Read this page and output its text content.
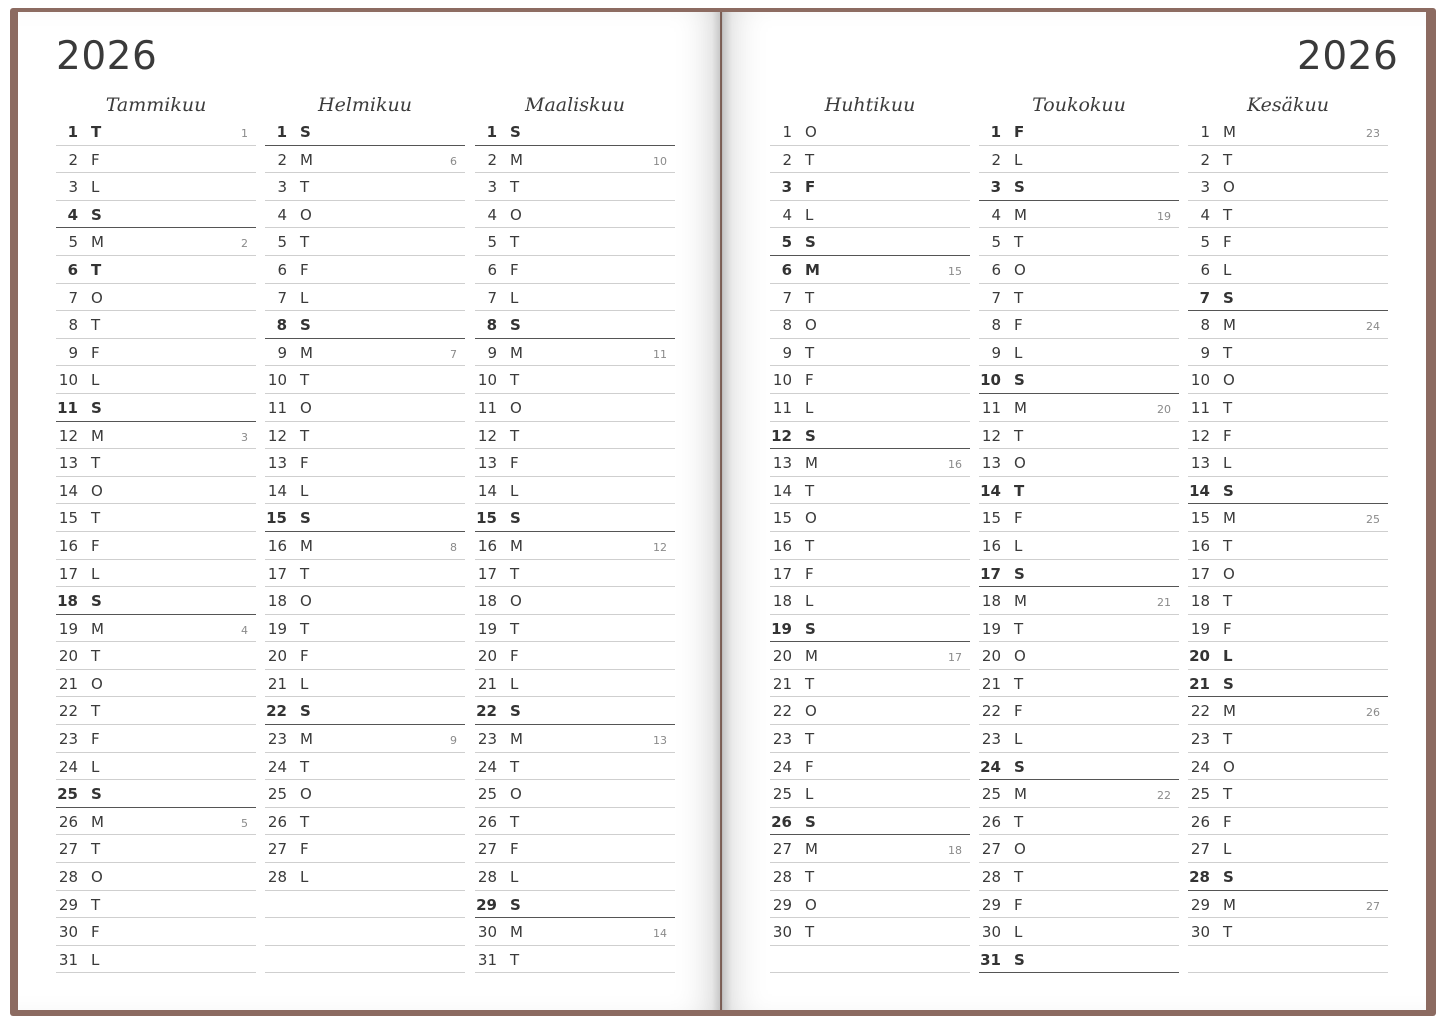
2026	2026
Tammikuu
1 T	1
2 F
3 L
4 S
5 M	2
6 T
7 O
8 T
9 F
10 L
11 S
12 M	3
13 T
14 O
15 T
16 F
17 L
18 S
19 M	4
20 T
21 O
22 T
23 F
24 L
25 S
26 M	5
27 T
28 O
29 T
30 F
31 L
Helmikuu
1 S
2 M	6
3 T
4 O
5 T
6 F
7 L
8 S
9 M	7
10 T
11 O
12 T
13 F
14 L
15 S
16 M	8
17 T
18 O
19 T
20 F
21 L
22 S
23 M	9
24 T
25 O
26 T
27 F
28 L
Maaliskuu
1 S
2 M	10
3 T
4 O
5 T
6 F
7 L
8 S
9 M	11
10 T
11 O
12 T
13 F
14 L
15 S
16 M	12
17 T
18 O
19 T
20 F
21 L
22 S
23 M	13
24 T
25 O
26 T
27 F
28 L
29 S
30 M	14
31 T
Huhtikuu
1 O
2 T
3 F
4 L
5 S
6 M	15
7 T
8 O
9 T
10 F
11 L
12 S
13 M	16
14 T
15 O
16 T
17 F
18 L
19 S
20 M	17
21 T
22 O
23 T
24 F
25 L
26 S
27 M	18
28 T
29 O
30 T
Toukokuu
1 F
2 L
3 S
4 M	19
5 T
6 O
7 T
8 F
9 L
10 S
11 M	20
12 T
13 O
14 T
15 F
16 L
17 S
18 M	21
19 T
20 O
21 T
22 F
23 L
24 S
25 M	22
26 T
27 O
28 T
29 F
30 L
31 S
Kesäkuu
1 M	23
2 T
3 O
4 T
5 F
6 L
7 S
8 M	24
9 T
10 O
11 T
12 F
13 L
14 S
15 M	25
16 T
17 O
18 T
19 F
20 L
21 S
22 M	26
23 T
24 O
25 T
26 F
27 L
28 S
29 M	27
30 T
